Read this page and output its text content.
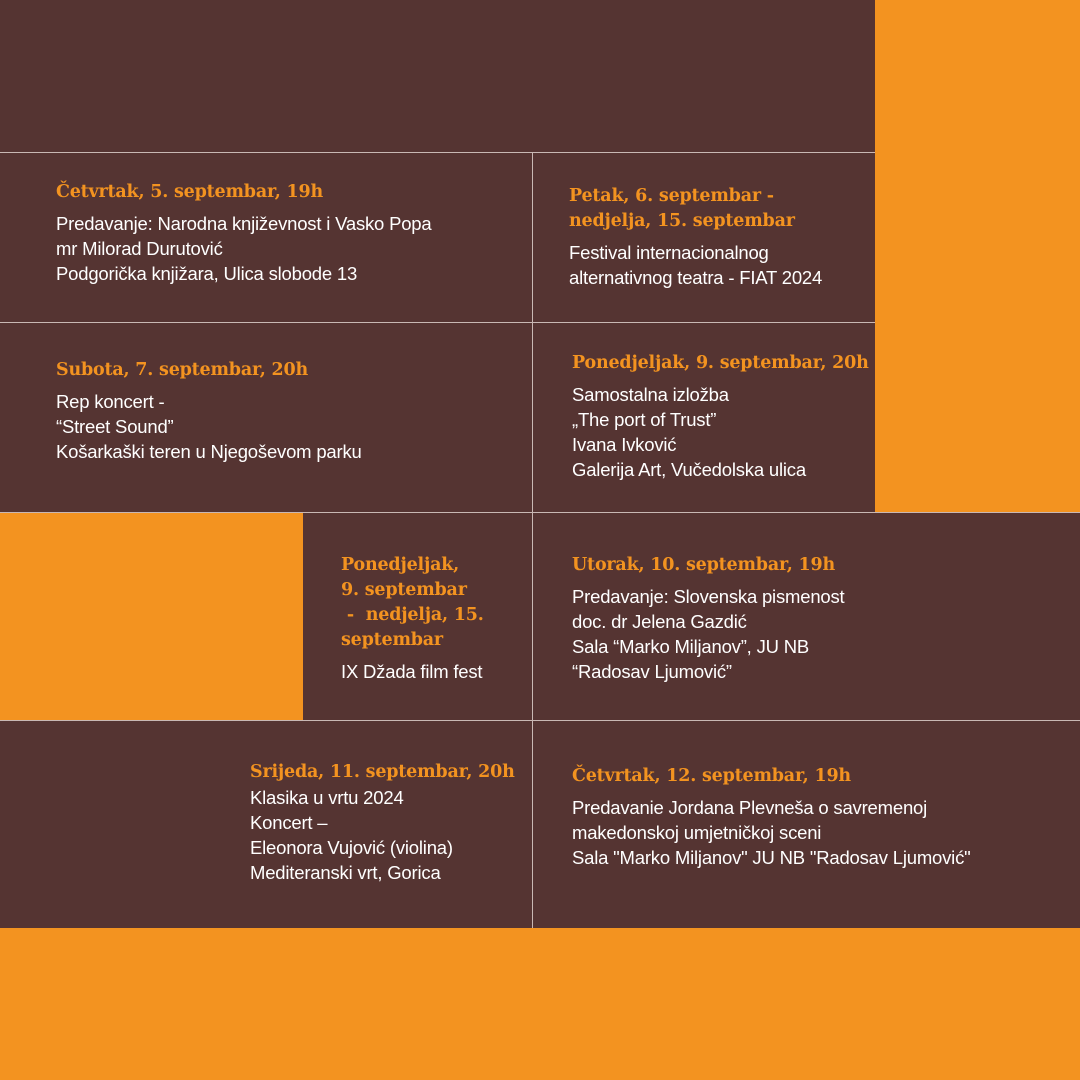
Četvrtak, 5. septembar, 19h
Predavanje: Narodna književnost i Vasko Popa
mr Milorad Durutović
Podgorička knjižara, Ulica slobode 13
Petak, 6. septembar -
nedjelja, 15. septembar
Festival internacionalnog
alternativnog teatra - FIAT 2024
Subota, 7. septembar, 20h
Rep koncert -
“Street Sound”
Košarkaški teren u Njegoševom parku
Ponedjeljak, 9. septembar, 20h
Samostalna izložba
„The port of Trust”
Ivana Ivković
Galerija Art, Vučedolska ulica
Ponedjeljak,
9. septembar
-  nedjelja, 15.
septembar
IX Džada film fest
Utorak, 10. septembar, 19h
Predavanje: Slovenska pismenost
doc. dr Jelena Gazdić
Sala “Marko Miljanov”, JU NB
“Radosav Ljumović”
Srijeda, 11. septembar, 20h
Klasika u vrtu 2024
Koncert –
Eleonora Vujović (violina)
Mediteranski vrt, Gorica
Četvrtak, 12. septembar, 19h
Predavanie Jordana Plevneša o savremenoj
makedonskoj umjetničkoj sceni
Sala "Marko Miljanov" JU NB "Radosav Ljumović"
